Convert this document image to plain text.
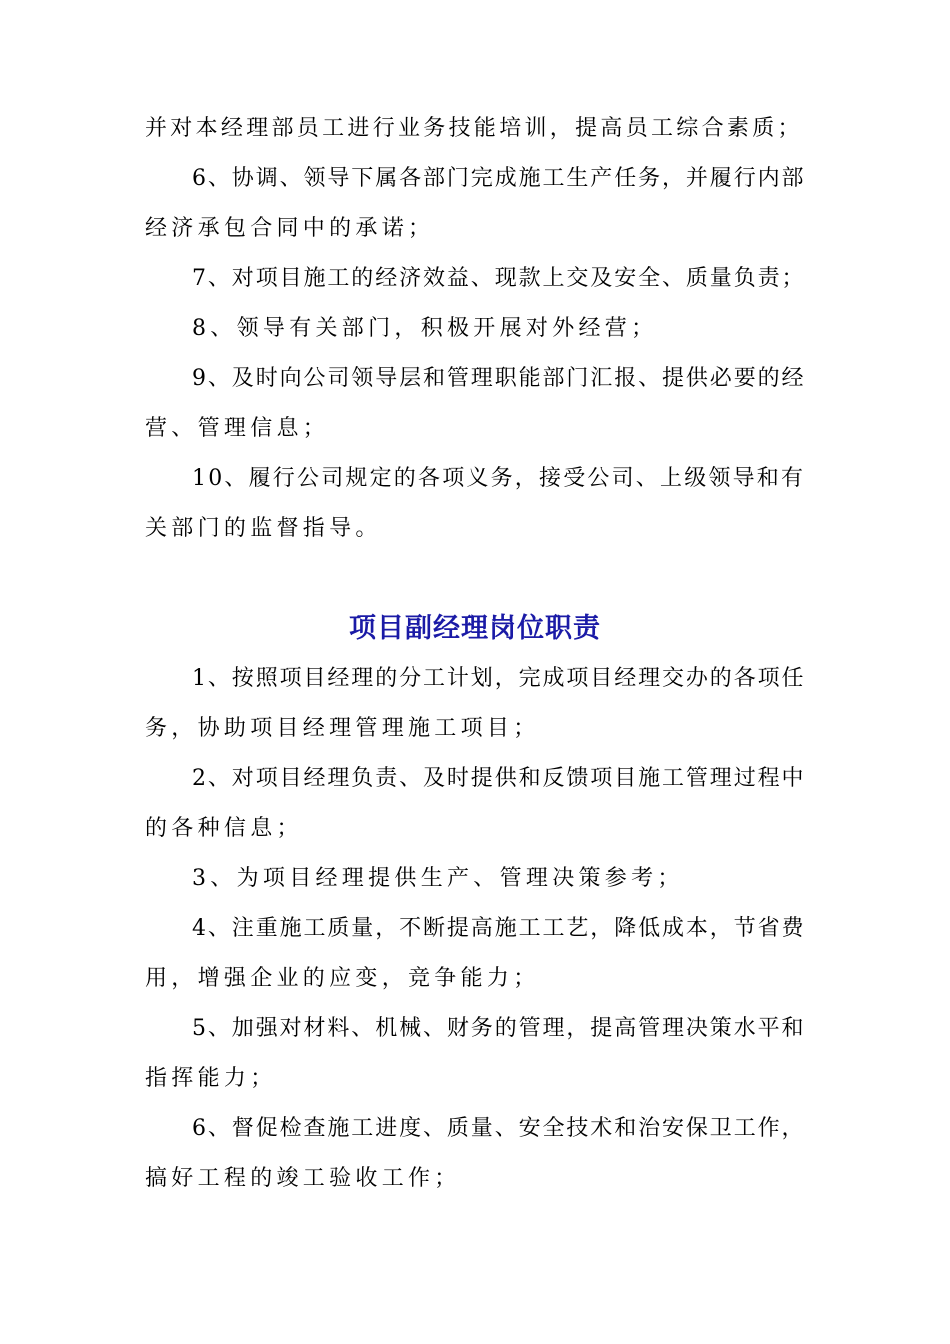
并对本经理部员工进行业务技能培训，提高员工综合素质；
6、协调、领导下属各部门完成施工生产任务，并履行内部
经济承包合同中的承诺；
7、对项目施工的经济效益、现款上交及安全、质量负责；
8、领导有关部门，积极开展对外经营；
9、及时向公司领导层和管理职能部门汇报、提供必要的经
营、管理信息；
10、履行公司规定的各项义务，接受公司、上级领导和有
关部门的监督指导。
项目副经理岗位职责
1、按照项目经理的分工计划，完成项目经理交办的各项任
务，协助项目经理管理施工项目；
2、对项目经理负责、及时提供和反馈项目施工管理过程中
的各种信息；
3、为项目经理提供生产、管理决策参考；
4、注重施工质量，不断提高施工工艺，降低成本，节省费
用，增强企业的应变，竞争能力；
5、加强对材料、机械、财务的管理，提高管理决策水平和
指挥能力；
6、督促检查施工进度、质量、安全技术和治安保卫工作，
搞好工程的竣工验收工作；
